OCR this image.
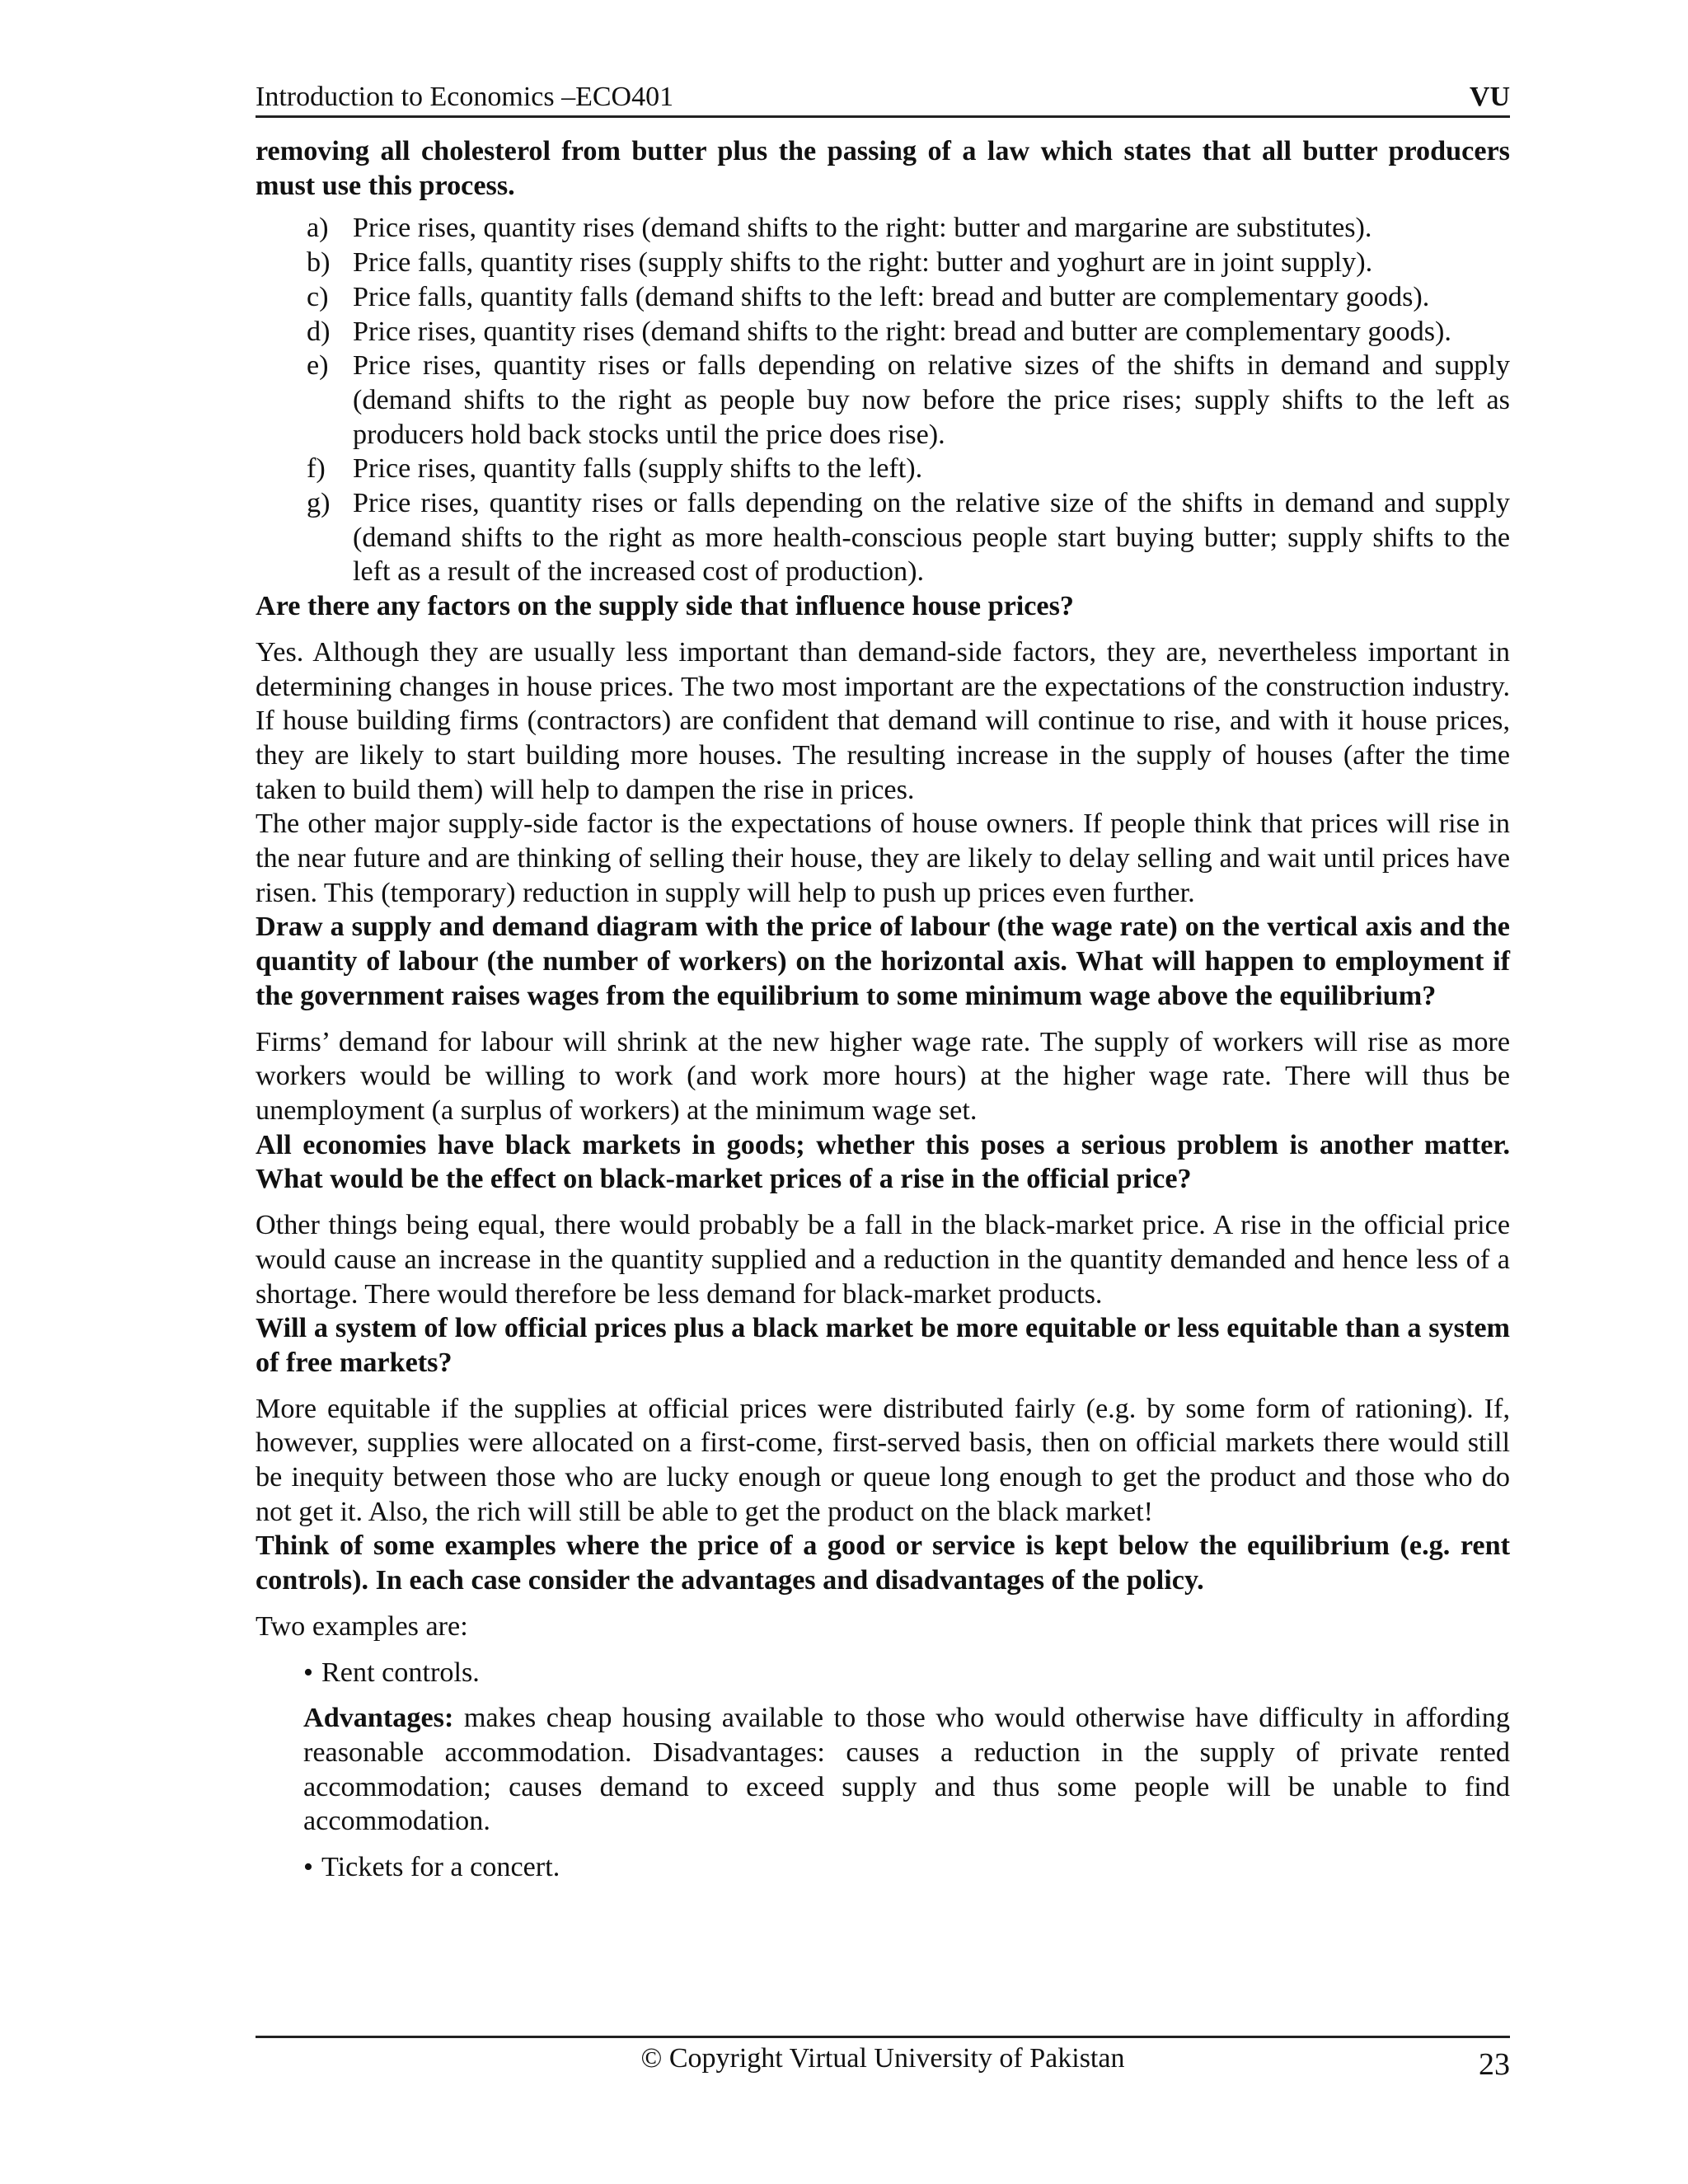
Introduction to Economics –ECO401	VU
removing all cholesterol from butter plus the passing of a law which states that all butter producers must use this process.
a) Price rises, quantity rises (demand shifts to the right: butter and margarine are substitutes).
b) Price falls, quantity rises (supply shifts to the right: butter and yoghurt are in joint supply).
c) Price falls, quantity falls (demand shifts to the left: bread and butter are complementary goods).
d) Price rises, quantity rises (demand shifts to the right: bread and butter are complementary goods).
e) Price rises, quantity rises or falls depending on relative sizes of the shifts in demand and supply (demand shifts to the right as people buy now before the price rises; supply shifts to the left as producers hold back stocks until the price does rise).
f) Price rises, quantity falls (supply shifts to the left).
g) Price rises, quantity rises or falls depending on the relative size of the shifts in demand and supply (demand shifts to the right as more health-conscious people start buying butter; supply shifts to the left as a result of the increased cost of production).
Are there any factors on the supply side that influence house prices?
Yes. Although they are usually less important than demand-side factors, they are, nevertheless important in determining changes in house prices. The two most important are the expectations of the construction industry. If house building firms (contractors) are confident that demand will continue to rise, and with it house prices, they are likely to start building more houses. The resulting increase in the supply of houses (after the time taken to build them) will help to dampen the rise in prices.
The other major supply-side factor is the expectations of house owners. If people think that prices will rise in the near future and are thinking of selling their house, they are likely to delay selling and wait until prices have risen. This (temporary) reduction in supply will help to push up prices even further.
Draw a supply and demand diagram with the price of labour (the wage rate) on the vertical axis and the quantity of labour (the number of workers) on the horizontal axis. What will happen to employment if the government raises wages from the equilibrium to some minimum wage above the equilibrium?
Firms’ demand for labour will shrink at the new higher wage rate. The supply of workers will rise as more workers would be willing to work (and work more hours) at the higher wage rate. There will thus be unemployment (a surplus of workers) at the minimum wage set.
All economies have black markets in goods; whether this poses a serious problem is another matter. What would be the effect on black-market prices of a rise in the official price?
Other things being equal, there would probably be a fall in the black-market price. A rise in the official price would cause an increase in the quantity supplied and a reduction in the quantity demanded and hence less of a shortage. There would therefore be less demand for black-market products.
Will a system of low official prices plus a black market be more equitable or less equitable than a system of free markets?
More equitable if the supplies at official prices were distributed fairly (e.g. by some form of rationing). If, however, supplies were allocated on a first-come, first-served basis, then on official markets there would still be inequity between those who are lucky enough or queue long enough to get the product and those who do not get it. Also, the rich will still be able to get the product on the black market!
Think of some examples where the price of a good or service is kept below the equilibrium (e.g. rent controls). In each case consider the advantages and disadvantages of the policy.
Two examples are:
• Rent controls.
Advantages: makes cheap housing available to those who would otherwise have difficulty in affording reasonable accommodation. Disadvantages: causes a reduction in the supply of private rented accommodation; causes demand to exceed supply and thus some people will be unable to find accommodation.
• Tickets for a concert.
© Copyright Virtual University of Pakistan	23
